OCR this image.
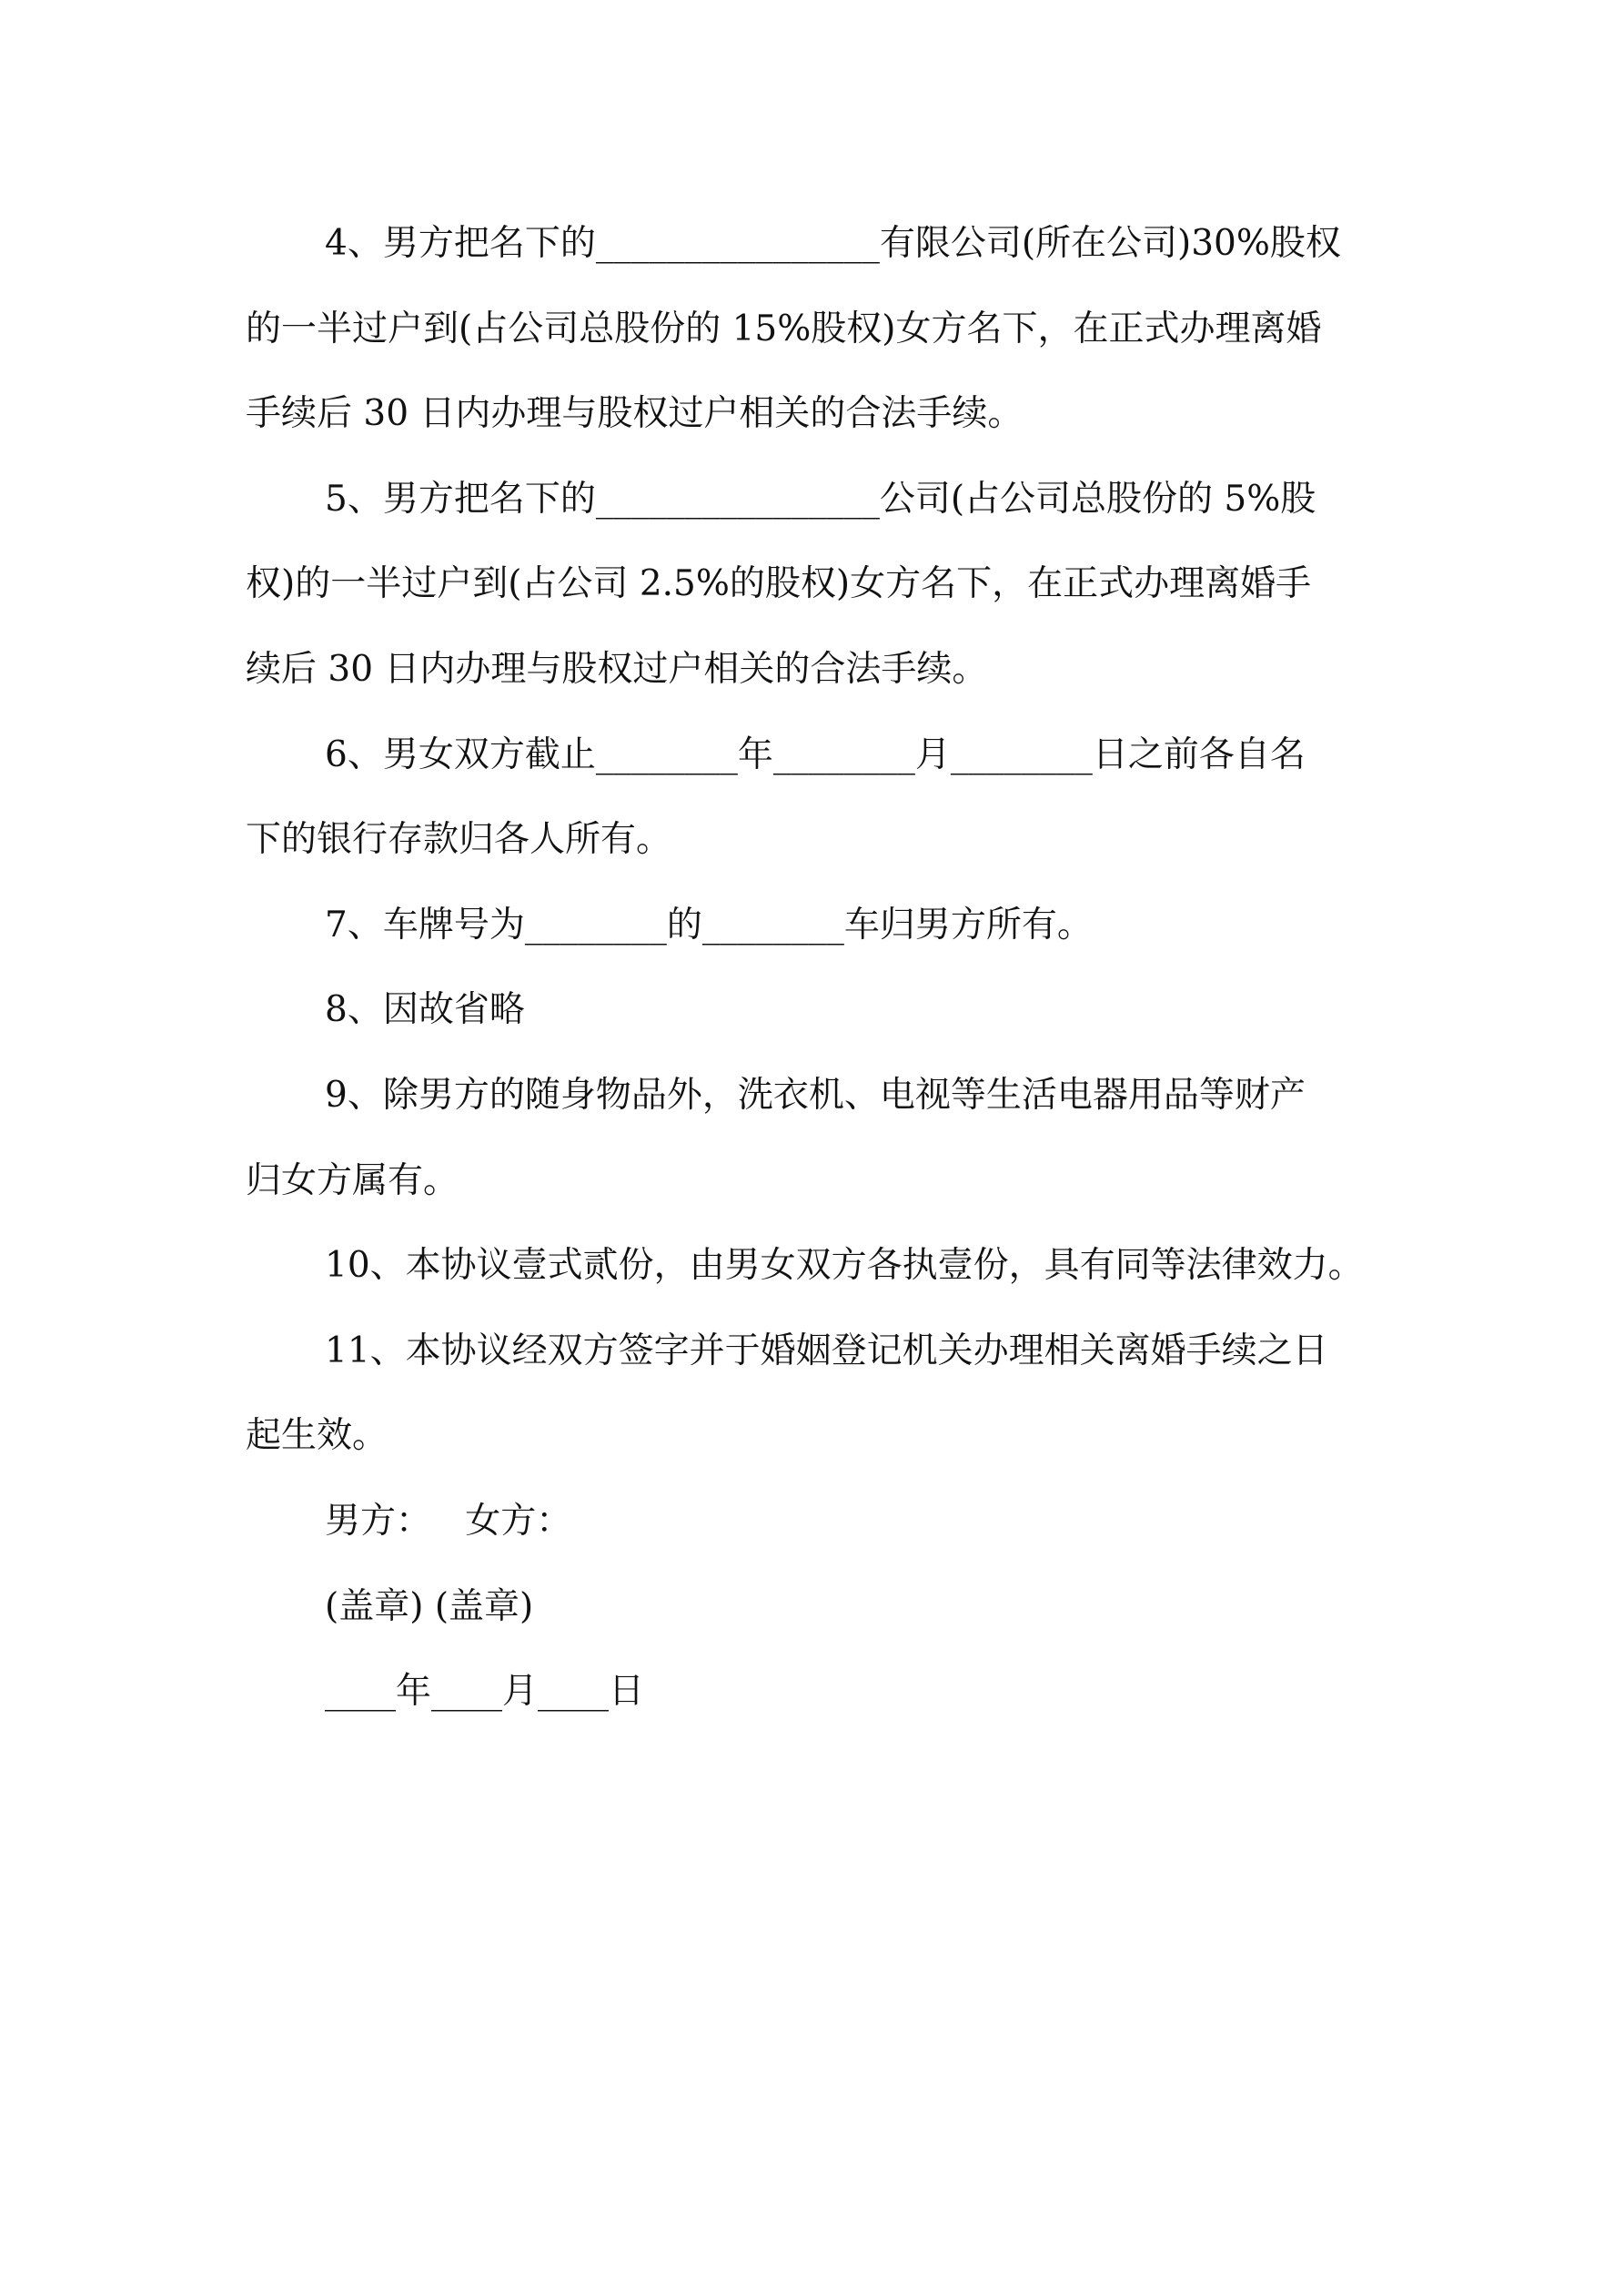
4、男方把名下的________________有限公司(所在公司)30%股权
的一半过户到(占公司总股份的 15%股权)女方名下，在正式办理离婚
手续后 30 日内办理与股权过户相关的合法手续。
5、男方把名下的________________公司(占公司总股份的 5%股
权)的一半过户到(占公司 2.5%的股权)女方名下，在正式办理离婚手
续后 30 日内办理与股权过户相关的合法手续。
6、男女双方截止________年________月________日之前各自名
下的银行存款归各人所有。
7、车牌号为________的________车归男方所有。
8、因故省略
9、除男方的随身物品外，洗衣机、电视等生活电器用品等财产
归女方属有。
10、本协议壹式贰份，由男女双方各执壹份，具有同等法律效力。
11、本协议经双方签字并于婚姻登记机关办理相关离婚手续之日
起生效。
男方：   女方：
(盖章) (盖章)
____年____月____日
